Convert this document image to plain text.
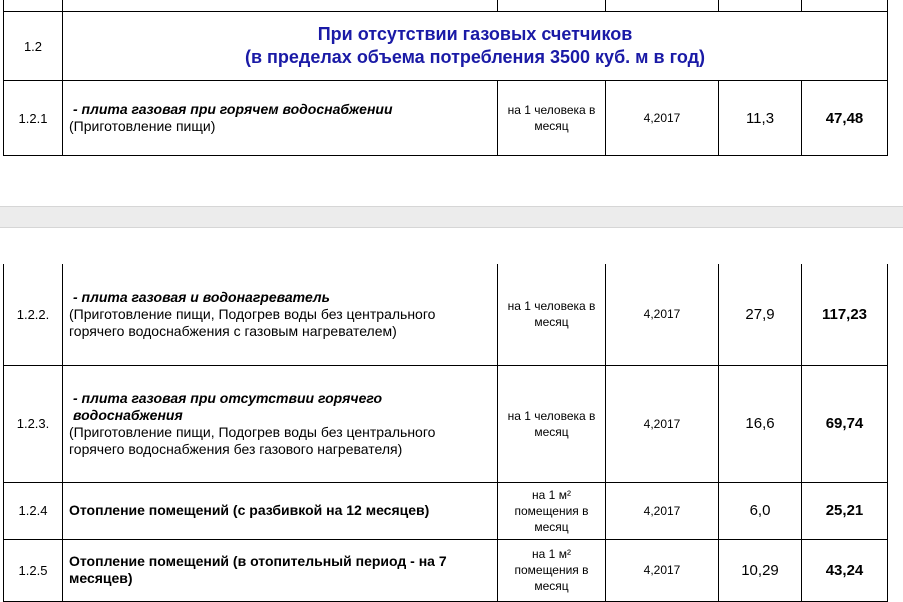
1.2	При отсутствии газовых счетчиков
(в пределах объема потребления 3500 куб. м в год)				
1.2.1	- плита газовая при горячем водоснабжении
(Приготовление пищи)	на 1 человека в месяц	4,2017	11,3	47,48
1.2.2.	- плита газовая и водонагреватель
(Приготовление пищи, Подогрев воды без центрального горячего водоснабжения с газовым нагревателем)	на 1 человека в месяц	4,2017	27,9	117,23
1.2.3.	- плита газовая при отсутствии горячего водоснабжения
(Приготовление пищи, Подогрев воды без центрального горячего водоснабжения без газового нагревателя)	на 1 человека в месяц	4,2017	16,6	69,74
1.2.4	Отопление помещений (с разбивкой на 12 месяцев)	на 1 м² помещения в месяц	4,2017	6,0	25,21
1.2.5	Отопление помещений (в отопительный период - на 7 месяцев)	на 1 м² помещения в месяц	4,2017	10,29	43,24
